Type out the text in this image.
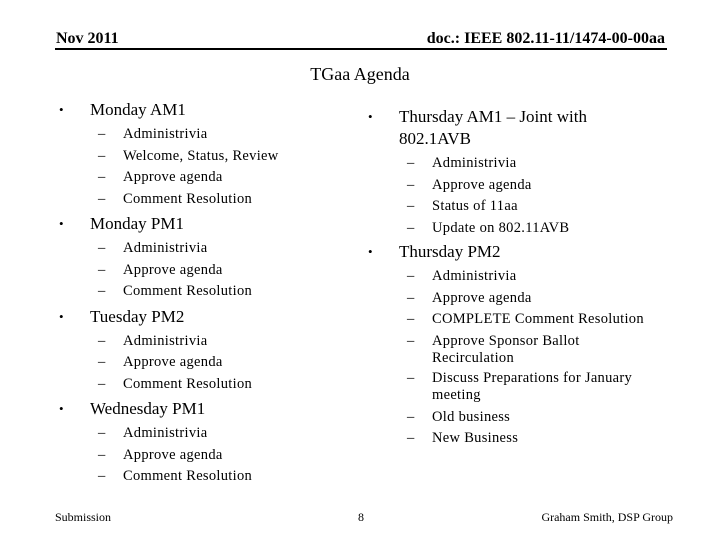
Nov 2011	doc.: IEEE 802.11-11/1474-00-00aa
TGaa Agenda
• Monday AM1
– Administrivia
– Welcome, Status, Review
– Approve agenda
– Comment Resolution
• Monday PM1
– Administrivia
– Approve agenda
– Comment Resolution
• Tuesday PM2
– Administrivia
– Approve agenda
– Comment Resolution
• Wednesday PM1
– Administrivia
– Approve agenda
– Comment Resolution
• Thursday AM1 – Joint with
802.1AVB
– Administrivia
– Approve agenda
– Status of 11aa
– Update on 802.11AVB
• Thursday PM2
– Administrivia
– Approve agenda
– COMPLETE Comment Resolution
– Approve Sponsor Ballot
Recirculation
– Discuss Preparations for January
meeting
– Old business
– New Business
Submission	8	Graham Smith, DSP Group
